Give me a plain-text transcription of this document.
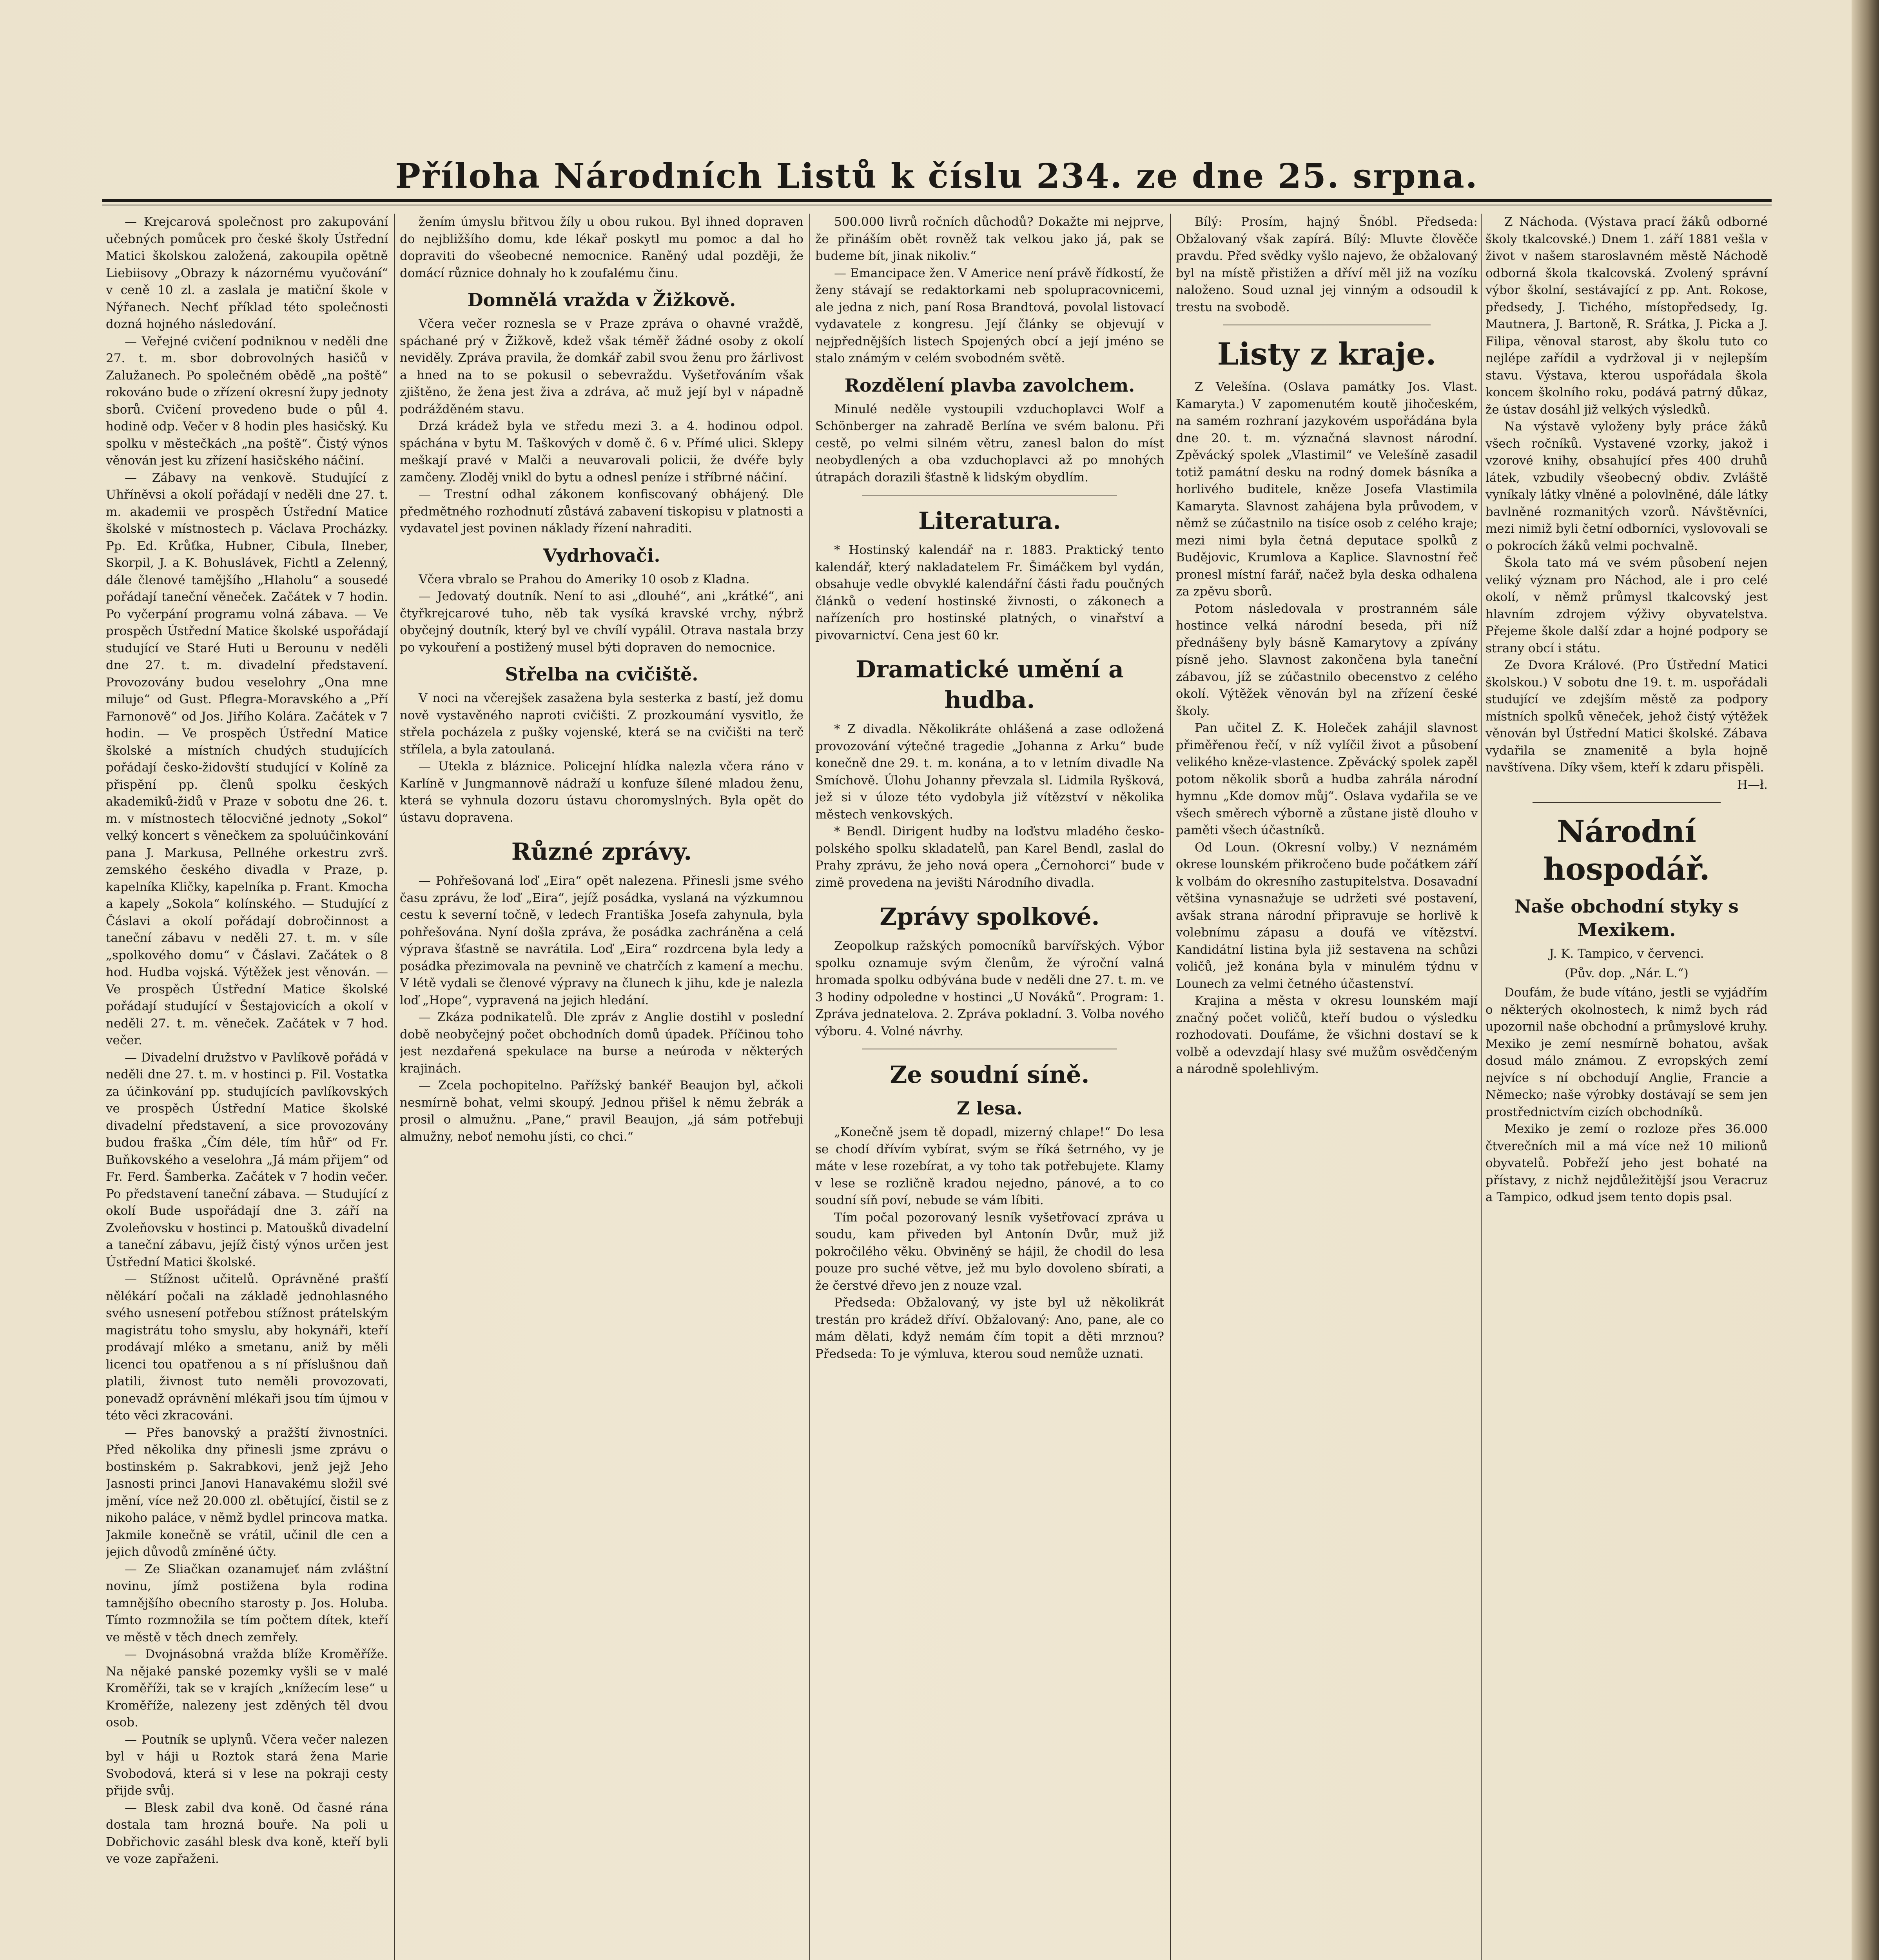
Příloha Národních Listů k číslu 234. ze dne 25. srpna.

— Krejcarová společnost pro zakupování učebných pomůcek pro české školy Ústřední Matici školskou založená, zakoupila opětně Liebiisovy „Obrazy k názornému vyučování“ v ceně 10 zl. a zaslala je matiční škole v Nýřanech. Nechť příklad této společnosti dozná hojného následování.

— Veřejné cvičení podniknou v neděli dne 27. t. m. sbor dobrovolných hasičů v Zalužanech. Po společném obědě „na poště“ rokováno bude o zřízení okresní župy jednoty sborů. Cvičení provedeno bude o půl 4. hodině odp. Večer v 8 hodin ples hasičský. Ku spolku v městečkách „na poště“. Čistý výnos věnován jest ku zřízení hasičského náčiní.

— Zábavy na venkově. Studující z Uhříněvsi a okolí pořádají v neděli dne 27. t. m. akademii ve prospěch Ústřední Matice školské v místnostech p. Václava Procházky. Pp. Ed. Krůťka, Hubner, Cibula, Ilneber, Skorpil, J. a K. Bohuslávek, Fichtl a Zelenný, dále členové tamějšího „Hlaholu“ a sousedé pořádají taneční věneček. Začátek v 7 hodin. Po vyčerpání programu volná zábava. — Ve prospěch Ústřední Matice školské uspořádají studující ve Staré Huti u Berounu v neděli dne 27. t. m. divadelní představení. Provozovány budou veselohry „Ona mne miluje“ od Gust. Pflegra-Moravského a „Pří Farnonově“ od Jos. Jiřího Kolára. Začátek v 7 hodin. — Ve prospěch Ústřední Matice školské a místních chudých studujících pořádají česko-židovští studující v Kolíně za přispění pp. členů spolku českých akademiků-židů v Praze v sobotu dne 26. t. m. v místnostech tělocvičné jednoty „Sokol“ velký koncert s věnečkem za spoluúčinkování pana J. Markusa, Pellnéhe orkestru zvrš. zemského českého divadla v Praze, p. kapelníka Kličky, kapelníka p. Frant. Kmocha a kapely „Sokola“ kolínského. — Studující z Čáslavi a okolí pořádají dobročinnost a taneční zábavu v neděli 27. t. m. v síle „spolkového domu“ v Čáslavi. Začátek o 8 hod. Hudba vojská. Výtěžek jest věnován. — Ve prospěch Ústřední Matice školské pořádají studující v Šestajovicích a okolí v neděli 27. t. m. věneček. Začátek v 7 hod. večer.

— Divadelní družstvo v Pavlíkově pořádá v neděli dne 27. t. m. v hostinci p. Fil. Vostatka za účinkování pp. studujících pavlíkovských ve prospěch Ústřední Matice školské divadelní představení, a sice provozovány budou fraška „Čím déle, tím hůř“ od Fr. Buňkovského a veselohra „Já mám přijem“ od Fr. Ferd. Šamberka. Začátek v 7 hodin večer. Po představení taneční zábava. — Studující z okolí Bude uspořádají dne 3. září na Zvoleňovsku v hostinci p. Matoušků divadelní a taneční zábavu, jejíž čistý výnos určen jest Ústřední Matici školské.

— Stížnost učitelů. Oprávněné prašťí nělékárí počali na základě jednohlasného svého usnesení potřebou stížnost prátelským magistrátu toho smyslu, aby hokynáři, kteří prodávají mléko a smetanu, aniž by měli licenci tou opatřenou a s ní příslušnou daň platili, živnost tuto neměli provozovati, ponevadž oprávnění mlékaři jsou tím újmou v této věci zkracováni.

— Přes banovský a pražští živnostníci. Před několika dny přinesli jsme zprávu o bostinském p. Sakrabkovi, jenž jejž Jeho Jasnosti princi Janovi Hanavakému složil své jmění, více než 20.000 zl. obětující, čistil se z nikoho paláce, v němž bydlel princova matka. Jakmile konečně se vrátil, učinil dle cen a jejich důvodů zmíněné účty.

— Ze Sliačkan ozanamujeť nám zvláštní novinu, jímž postižena byla rodina tamnějšího obecního starosty p. Jos. Holuba. Tímto rozmnožila se tím počtem dítek, kteří ve městě v těch dnech zemřely.

— Dvojnásobná vražda blíže Kroměříže. Na nějaké panské pozemky vyšli se v malé Kroměříži, tak se v krajích „knížecím lese“ u Kroměříže, nalezeny jest zděných těl dvou osob.

— Poutník se uplynů. Včera večer nalezen byl v háji u Roztok stará žena Marie Svobodová, která si v lese na pokraji cesty přijde svůj.

— Blesk zabil dva koně. Od časné rána dostala tam hrozná bouře. Na poli u Dobřichovic zasáhl blesk dva koně, kteří byli ve voze zapřaženi.

žením úmyslu břitvou žíly u obou rukou. Byl ihned dopraven do nejbližšího domu, kde lékař poskytl mu pomoc a dal ho dopraviti do všeobecné nemocnice. Raněný udal později, že domácí různice dohnaly ho k zoufalému činu.

Domnělá vražda v Žižkově.

Včera večer roznesla se v Praze zpráva o ohavné vraždě, spáchané prý v Žižkově, kdež však téměř žádné osoby z okolí neviděly. Zpráva pravila, že domkář zabil svou ženu pro žárlivost a hned na to se pokusil o sebevraždu. Vyšetřováním však zjištěno, že žena jest živa a zdráva, ač muž její byl v nápadně podrážděném stavu.

Drzá krádež byla ve středu mezi 3. a 4. hodinou odpol. spáchána v bytu M. Taškových v domě č. 6 v. Přímé ulici. Sklepy meškají pravé v Malči a neuvarovali policii, že dvéře byly zamčeny. Zloděj vnikl do bytu a odnesl peníze i stříbrné náčiní.

— Trestní odhal zákonem konfiscovaný obhájený. Dle předmětného rozhodnutí zůstává zabavení tiskopisu v platnosti a vydavatel jest povinen náklady řízení nahraditi.

Vydrhovači.

Včera vbralo se Prahou do Ameriky 10 osob z Kladna.

— Jedovatý doutník. Není to asi „dlouhé“, ani „krátké“, ani čtyřkrejcarové tuho, něb tak vysíká kravské vrchy, nýbrž obyčejný doutník, který byl ve chvílí vypálil. Otrava nastala brzy po vykouření a postižený musel býti dopraven do nemocnice.

Střelba na cvičiště.

V noci na včerejšek zasažena byla sesterka z bastí, jež domu nově vystavěného naproti cvičišti. Z prozkoumání vysvitlo, že střela pocházela z pušky vojenské, která se na cvičišti na terč střílela, a byla zatoulaná.

— Utekla z bláznice. Policejní hlídka nalezla včera ráno v Karlíně v Jungmannově nádraží u konfuze šílené mladou ženu, která se vyhnula dozoru ústavu choromyslných. Byla opět do ústavu dopravena.

Různé zprávy.

— Pohřešovaná loď „Eira“ opět nalezena. Přinesli jsme svého času zprávu, že loď „Eira“, jejíž posádka, vyslaná na výzkumnou cestu k severní točně, v ledech Františka Josefa zahynula, byla pohřešována. Nyní došla zpráva, že posádka zachráněna a celá výprava šťastně se navrátila. Loď „Eira“ rozdrcena byla ledy a posádka přezimovala na pevnině ve chatrčích z kamení a mechu. V létě vydali se členové výpravy na člunech k jihu, kde je nalezla loď „Hope“, vypravená na jejich hledání.

— Zkáza podnikatelů. Dle zpráv z Anglie dostihl v poslední době neobyčejný počet obchodních domů úpadek. Příčinou toho jest nezdařená spekulace na burse a neúroda v některých krajinách.

— Zcela pochopitelno. Pařížský bankéř Beaujon byl, ačkoli nesmírně bohat, velmi skoupý. Jednou přišel k němu žebrák a prosil o almužnu. „Pane,“ pravil Beaujon, „já sám potřebuji almužny, neboť nemohu jísti, co chci.“

500.000 livrů ročních důchodů? Dokažte mi nejprve, že přináším obět rovněž tak velkou jako já, pak se budeme bít, jinak nikoliv.“

— Emancipace žen. V Americe není právě řídkostí, že ženy stávají se redaktorkami neb spolupracovnicemi, ale jedna z nich, paní Rosa Brandtová, povolal listovací vydavatele z kongresu. Její články se objevují v nejpřednějších listech Spojených obcí a její jméno se stalo známým v celém svobodném světě.

Rozdělení plavba zavolchem.

Minulé neděle vystoupili vzduchoplavci Wolf a Schönberger na zahradě Berlína ve svém balonu. Při cestě, po velmi silném větru, zanesl balon do míst neobydlených a oba vzduchoplavci až po mnohých útrapách dorazili šťastně k lidským obydlím.

Literatura.

* Hostinský kalendář na r. 1883. Praktický tento kalendář, který nakladatelem Fr. Šimáčkem byl vydán, obsahuje vedle obvyklé kalendářní části řadu poučných článků o vedení hostinské živnosti, o zákonech a nařízeních pro hostinské platných, o vinařství a pivovarnictví. Cena jest 60 kr.

Dramatické umění a hudba.

* Z divadla. Několikráte ohlášená a zase odložená provozování výtečné tragedie „Johanna z Arku“ bude konečně dne 29. t. m. konána, a to v letním divadle Na Smíchově. Úlohu Johanny převzala sl. Lidmila Ryšková, jež si v úloze této vydobyla již vítězství v několika městech venkovských.

* Bendl. Dirigent hudby na loďstvu mladého česko-polského spolku skladatelů, pan Karel Bendl, zaslal do Prahy zprávu, že jeho nová opera „Černohorci“ bude v zimě provedena na jevišti Národního divadla.

Zprávy spolkové.

Zeopolkup ražských pomocníků barvířských. Výbor spolku oznamuje svým členům, že výroční valná hromada spolku odbývána bude v neděli dne 27. t. m. ve 3 hodiny odpoledne v hostinci „U Nováků“. Program: 1. Zpráva jednatelova. 2. Zpráva pokladní. 3. Volba nového výboru. 4. Volné návrhy.

Ze soudní síně.
Z lesa.

„Konečně jsem tě dopadl, mizerný chlape!“ Do lesa se chodí dřívím vybírat, svým se říká šetrného, vy je máte v lese rozebírat, a vy toho tak potřebujete. Klamy v lese se rozličně kradou nejedno, pánové, a to co soudní síň poví, nebude se vám líbiti.

Tím počal pozorovaný lesník vyšetřovací zpráva u soudu, kam přiveden byl Antonín Dvůr, muž již pokročilého věku. Obviněný se hájil, že chodil do lesa pouze pro suché větve, jež mu bylo dovoleno sbírati, a že čerstvé dřevo jen z nouze vzal.

Předseda: Obžalovaný, vy jste byl už několikrát trestán pro krádež dříví. Obžalovaný: Ano, pane, ale co mám dělati, když nemám čím topit a děti mrznou? Předseda: To je výmluva, kterou soud nemůže uznati.

Bílý: Prosím, hajný Šnóbl. Předseda: Obžalovaný však zapírá. Bílý: Mluvte člověče pravdu. Před svědky vyšlo najevo, že obžalovaný byl na místě přistižen a dříví měl již na vozíku naloženo. Soud uznal jej vinným a odsoudil k trestu na svobodě.

Listy z kraje.

Z Velešína. (Oslava památky Jos. Vlast. Kamaryta.) V zapomenutém koutě jihočeském, na samém rozhraní jazykovém uspořádána byla dne 20. t. m. význačná slavnost národní. Zpěvácký spolek „Vlastimil“ ve Velešíně zasadil totiž památní desku na rodný domek básníka a horlivého buditele, kněze Josefa Vlastimila Kamaryta. Slavnost zahájena byla průvodem, v němž se zúčastnilo na tisíce osob z celého kraje; mezi nimi byla četná deputace spolků z Budějovic, Krumlova a Kaplice. Slavnostní řeč pronesl místní farář, načež byla deska odhalena za zpěvu sborů.

Potom následovala v prostranném sále hostince velká národní beseda, při níž přednášeny byly básně Kamarytovy a zpívány písně jeho. Slavnost zakončena byla taneční zábavou, jíž se zúčastnilo obecenstvo z celého okolí. Výtěžek věnován byl na zřízení české školy.

Pan učitel Z. K. Holeček zahájil slavnost přiměřenou řečí, v níž vylíčil život a působení velikého kněze-vlastence. Zpěvácký spolek zapěl potom několik sborů a hudba zahrála národní hymnu „Kde domov můj“. Oslava vydařila se ve všech směrech výborně a zůstane jistě dlouho v paměti všech účastníků.

Od Loun. (Okresní volby.) V neznámém okrese lounském přikročeno bude počátkem září k volbám do okresního zastupitelstva. Dosavadní většina vynasnažuje se udržeti své postavení, avšak strana národní připravuje se horlivě k volebnímu zápasu a doufá ve vítězství. Kandidátní listina byla již sestavena na schůzi voličů, jež konána byla v minulém týdnu v Lounech za velmi četného účastenství.

Krajina a města v okresu lounském mají značný počet voličů, kteří budou o výsledku rozhodovati. Doufáme, že všichni dostaví se k volbě a odevzdají hlasy své mužům osvědčeným a národně spolehlivým.

Z Náchoda. (Výstava prací žáků odborné školy tkalcovské.) Dnem 1. září 1881 vešla v život v našem staroslavném městě Náchodě odborná škola tkalcovská. Zvolený správní výbor školní, sestávající z pp. Ant. Rokose, předsedy, J. Tichého, místopředsedy, Ig. Mautnera, J. Bartoně, R. Srátka, J. Picka a J. Filipa, věnoval starost, aby školu tuto co nejlépe zařídil a vydržoval ji v nejlepším stavu. Výstava, kterou uspořádala škola koncem školního roku, podává patrný důkaz, že ústav dosáhl již velkých výsledků.

Na výstavě vyloženy byly práce žáků všech ročníků. Vystavené vzorky, jakož i vzorové knihy, obsahující přes 400 druhů látek, vzbudily všeobecný obdiv. Zvláště vyníkaly látky vlněné a polovlněné, dále látky bavlněné rozmanitých vzorů. Návštěvníci, mezi nimiž byli četní odborníci, vyslovovali se o pokrocích žáků velmi pochvalně.

Škola tato má ve svém působení nejen veliký význam pro Náchod, ale i pro celé okolí, v němž průmysl tkalcovský jest hlavním zdrojem výživy obyvatelstva. Přejeme škole další zdar a hojné podpory se strany obcí i státu.

Ze Dvora Králové. (Pro Ústřední Matici školskou.) V sobotu dne 19. t. m. uspořádali studující ve zdejším městě za podpory místních spolků věneček, jehož čistý výtěžek věnován byl Ústřední Matici školské. Zábava vydařila se znamenitě a byla hojně navštívena. Díky všem, kteří k zdaru přispěli.

H—ł.
Národní hospodář.
Naše obchodní styky s Mexikem.
J. K. Tampico, v červenci.
(Pův. dop. „Nár. L.“)

Doufám, že bude vítáno, jestli se vyjádřím o některých okolnostech, k nimž bych rád upozornil naše obchodní a průmyslové kruhy. Mexiko je zemí nesmírně bohatou, avšak dosud málo známou. Z evropských zemí nejvíce s ní obchodují Anglie, Francie a Německo; naše výrobky dostávají se sem jen prostřednictvím cizích obchodníků.

Mexiko je zemí o rozloze přes 36.000 čtverečních mil a má více než 10 milionů obyvatelů. Pobřeží jeho jest bohaté na přístavy, z nichž nejdůležitější jsou Veracruz a Tampico, odkud jsem tento dopis psal.
